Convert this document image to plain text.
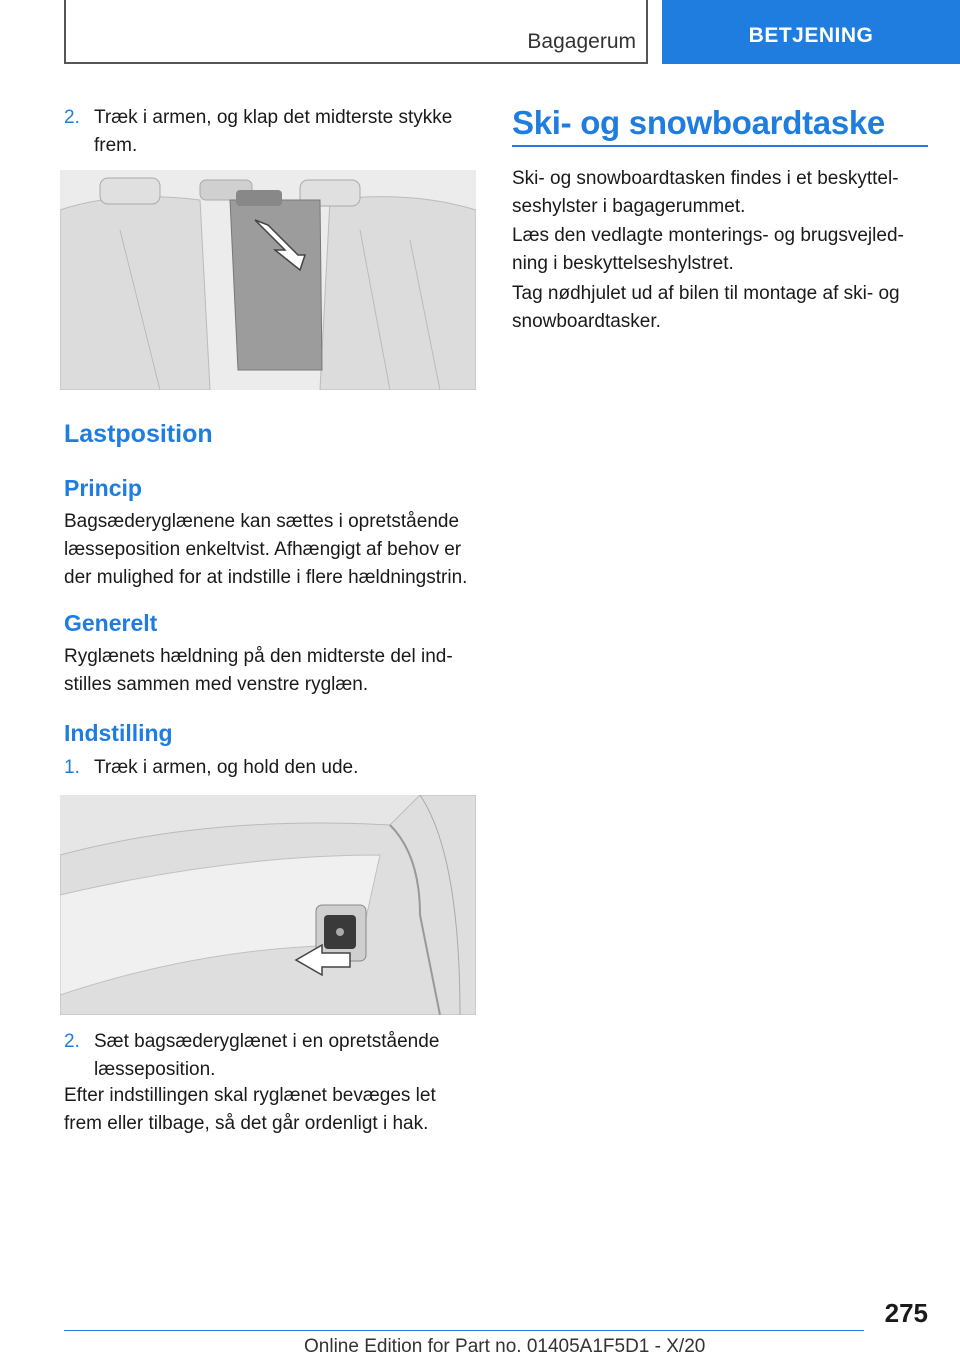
Bagagerum	BETJENING
2. Træk i armen, og klap det midterste stykke frem.
Lastposition
Princip
Bagsæderyglænene kan sættes i opretstående læsseposition enkeltvist. Afhængigt af behov er der mulighed for at indstille i flere hældningstrin.
Generelt
Ryglænets hældning på den midterste del ind‐stilles sammen med venstre ryglæn.
Indstilling
1. Træk i armen, og hold den ude.
2. Sæt bagsæderyglænet i en opretstående læsseposition.
Efter indstillingen skal ryglænet bevæges let frem eller tilbage, så det går ordenligt i hak.
Ski- og snowboardtaske
Ski- og snowboardtasken findes i et beskyttel‐seshylster i bagagerummet.
Læs den vedlagte monterings- og brugsvejled‐ning i beskyttelseshylstret.
Tag nødhjulet ud af bilen til montage af ski- og snowboardtasker.
275
Online Edition for Part no. 01405A1F5D1 - X/20
